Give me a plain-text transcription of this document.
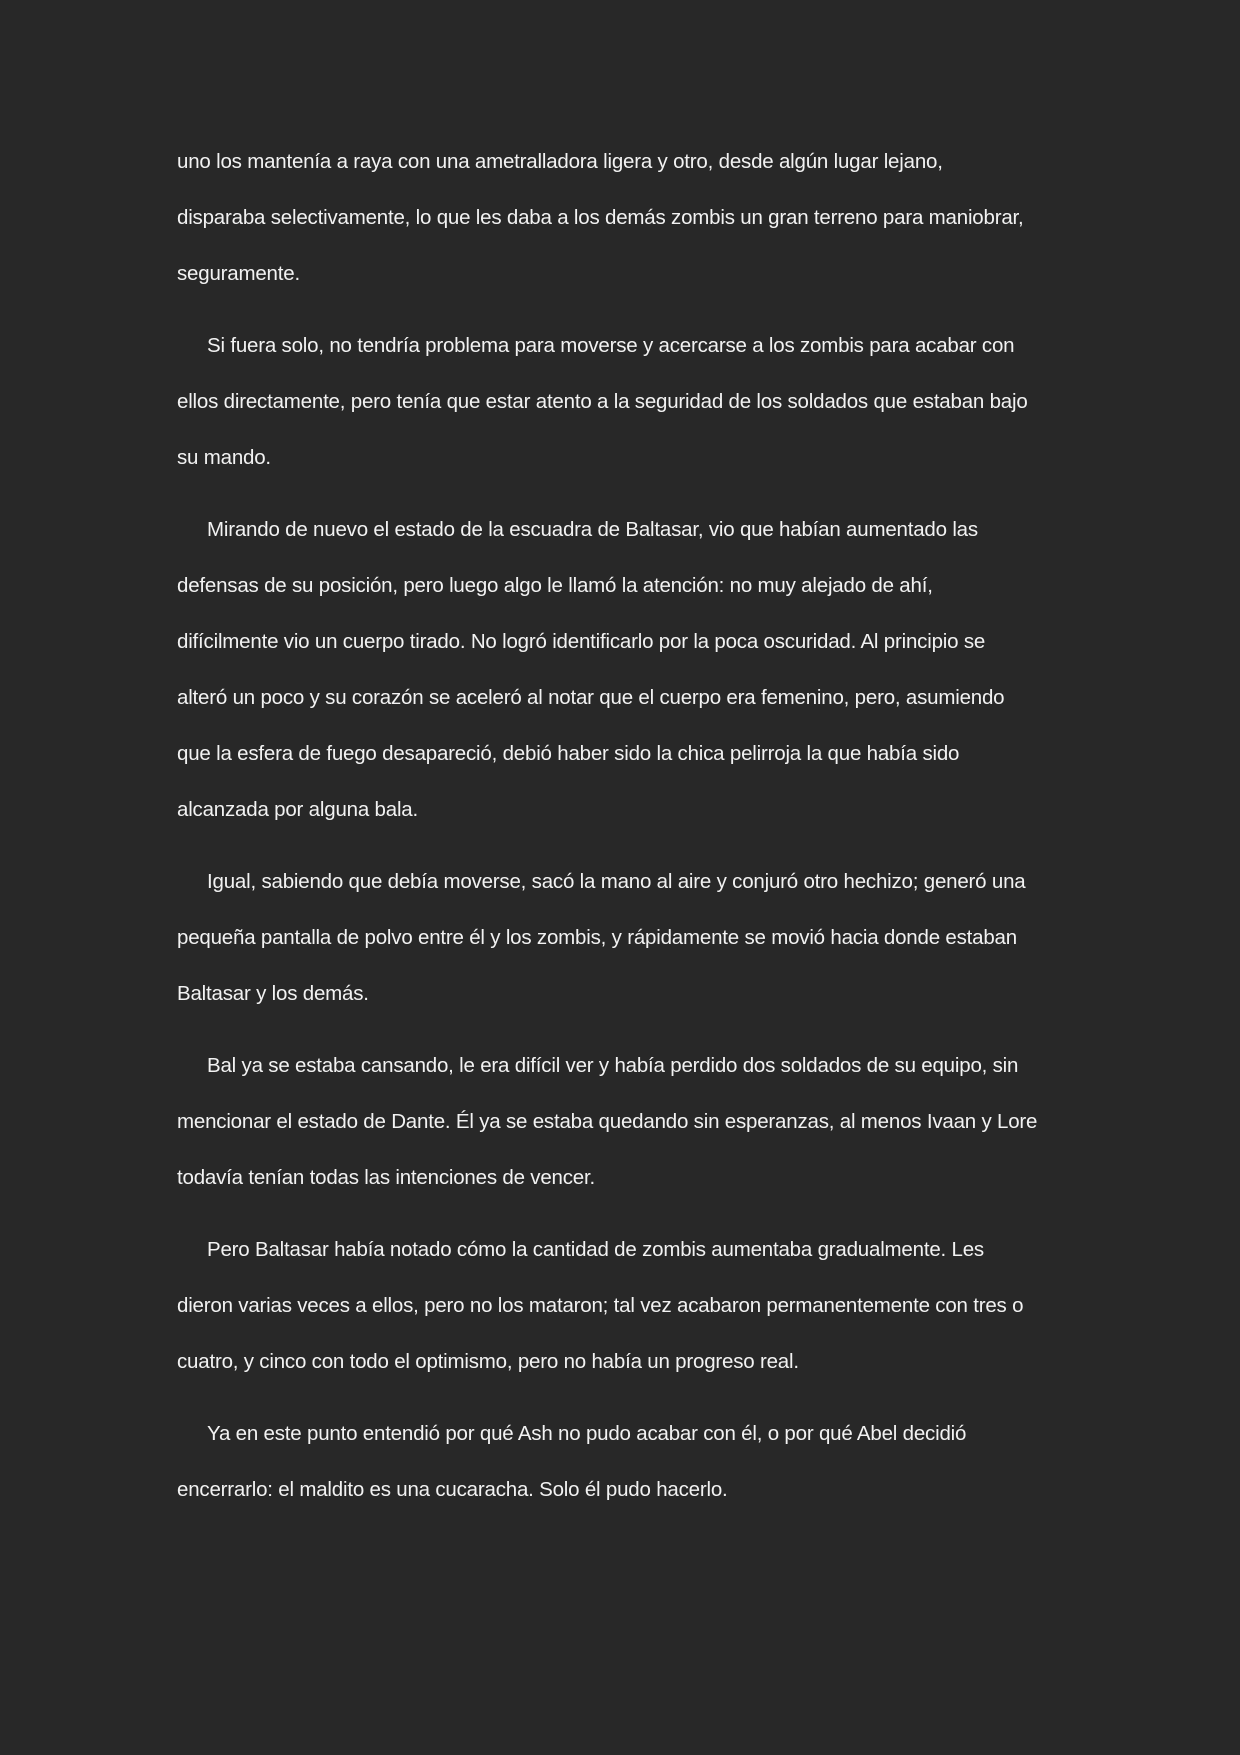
uno los mantenía a raya con una ametralladora ligera y otro, desde algún lugar lejano,
disparaba selectivamente, lo que les daba a los demás zombis un gran terreno para maniobrar,
seguramente.
Si fuera solo, no tendría problema para moverse y acercarse a los zombis para acabar con
ellos directamente, pero tenía que estar atento a la seguridad de los soldados que estaban bajo
su mando.
Mirando de nuevo el estado de la escuadra de Baltasar, vio que habían aumentado las
defensas de su posición, pero luego algo le llamó la atención: no muy alejado de ahí,
difícilmente vio un cuerpo tirado. No logró identificarlo por la poca oscuridad. Al principio se
alteró un poco y su corazón se aceleró al notar que el cuerpo era femenino, pero, asumiendo
que la esfera de fuego desapareció, debió haber sido la chica pelirroja la que había sido
alcanzada por alguna bala.
Igual, sabiendo que debía moverse, sacó la mano al aire y conjuró otro hechizo; generó una
pequeña pantalla de polvo entre él y los zombis, y rápidamente se movió hacia donde estaban
Baltasar y los demás.
Bal ya se estaba cansando, le era difícil ver y había perdido dos soldados de su equipo, sin
mencionar el estado de Dante. Él ya se estaba quedando sin esperanzas, al menos Ivaan y Lore
todavía tenían todas las intenciones de vencer.
Pero Baltasar había notado cómo la cantidad de zombis aumentaba gradualmente. Les
dieron varias veces a ellos, pero no los mataron; tal vez acabaron permanentemente con tres o
cuatro, y cinco con todo el optimismo, pero no había un progreso real.
Ya en este punto entendió por qué Ash no pudo acabar con él, o por qué Abel decidió
encerrarlo: el maldito es una cucaracha. Solo él pudo hacerlo.
